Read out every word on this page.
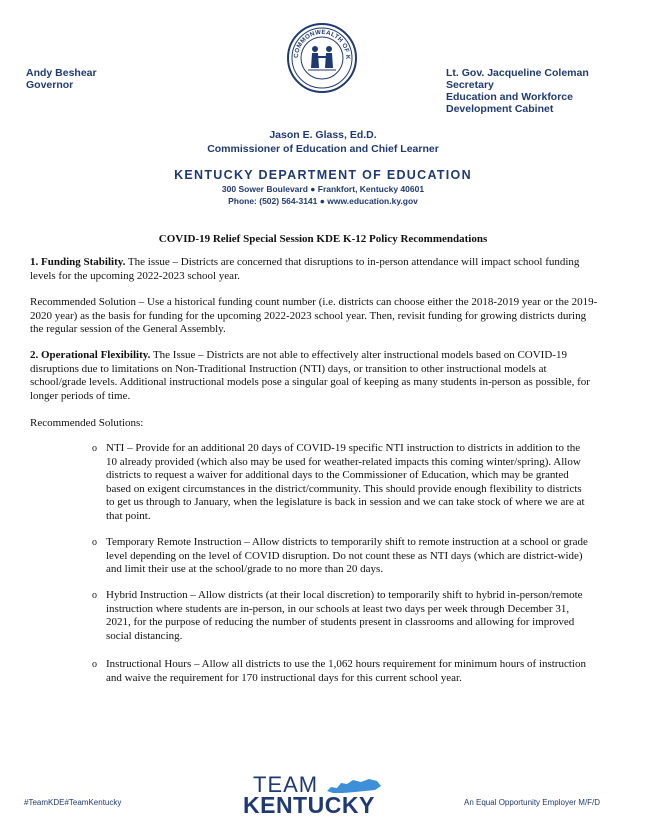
Andy Beshear
Governor
COMMONWEALTH OF K
Lt. Gov. Jacqueline Coleman
Secretary
Education and Workforce
Development Cabinet
Jason E. Glass, Ed.D.
Commissioner of Education and Chief Learner
KENTUCKY DEPARTMENT OF EDUCATION
300 Sower Boulevard ● Frankfort, Kentucky 40601
Phone: (502) 564-3141 ● www.education.ky.gov
COVID-19 Relief Special Session KDE K-12 Policy Recommendations
1. Funding Stability. The issue – Districts are concerned that disruptions to in-person attendance will impact school funding levels for the upcoming 2022-2023 school year.
Recommended Solution – Use a historical funding count number (i.e. districts can choose either the 2018-2019 year or the 2019-2020 year) as the basis for funding for the upcoming 2022-2023 school year. Then, revisit funding for growing districts during the regular session of the General Assembly.
2. Operational Flexibility. The Issue – Districts are not able to effectively alter instructional models based on COVID-19 disruptions due to limitations on Non-Traditional Instruction (NTI) days, or transition to other instructional models at school/grade levels. Additional instructional models pose a singular goal of keeping as many students in-person as possible, for longer periods of time.
Recommended Solutions:
o NTI – Provide for an additional 20 days of COVID-19 specific NTI instruction to districts in addition to the 10 already provided (which also may be used for weather-related impacts this coming winter/spring). Allow districts to request a waiver for additional days to the Commissioner of Education, which may be granted based on exigent circumstances in the district/community. This should provide enough flexibility to districts to get us through to January, when the legislature is back in session and we can take stock of where we are at that point.
o Temporary Remote Instruction – Allow districts to temporarily shift to remote instruction at a school or grade level depending on the level of COVID disruption. Do not count these as NTI days (which are district-wide) and limit their use at the school/grade to no more than 20 days.
o Hybrid Instruction – Allow districts (at their local discretion) to temporarily shift to hybrid in-person/remote instruction where students are in-person, in our schools at least two days per week through December 31, 2021, for the purpose of reducing the number of students present in classrooms and allowing for improved social distancing.
o Instructional Hours – Allow all districts to use the 1,062 hours requirement for minimum hours of instruction and waive the requirement for 170 instructional days for this current school year.
#TeamKDE#TeamKentucky
TEAM
KENTUCKY	An Equal Opportunity Employer M/F/D
